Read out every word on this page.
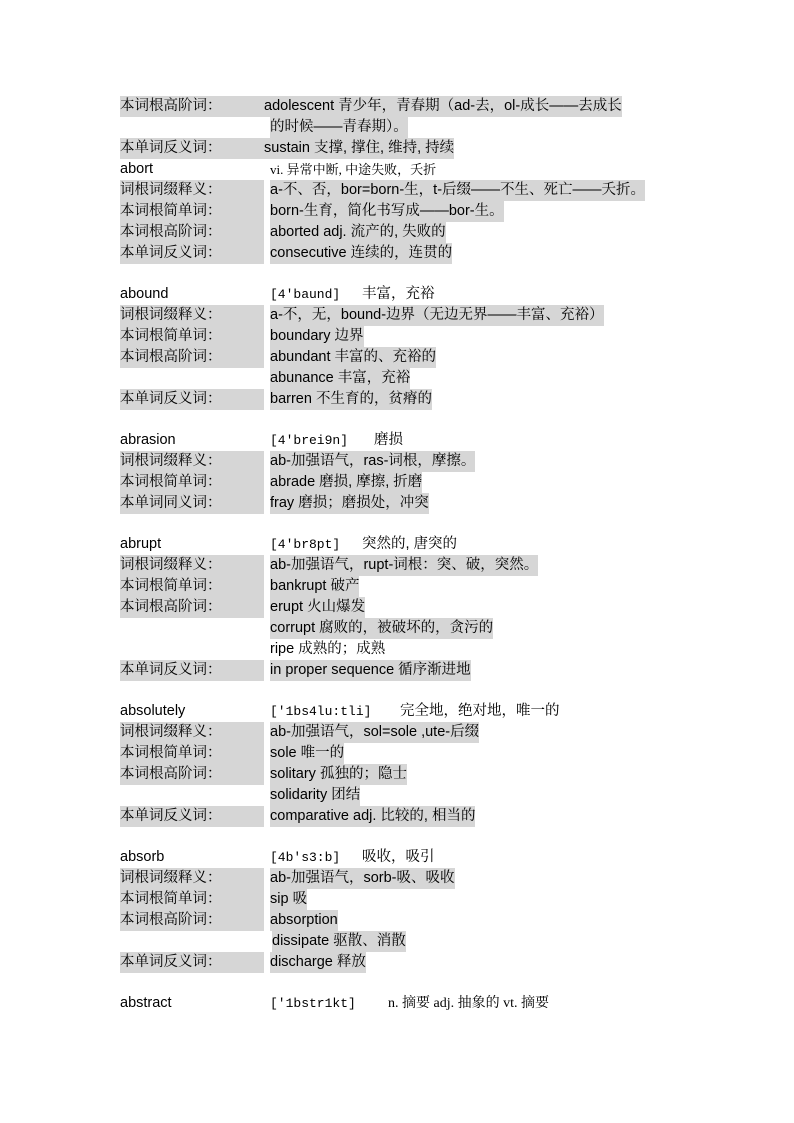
本词根高阶词：	adolescent 青少年，青春期（ad-去，ol-成长——去成长
的时候——青春期）。
本单词反义词：	sustain 支撑, 撑住, 维持, 持续
abort	vi. 异常中断, 中途失败，夭折
词根词缀释义：	a-不、否，bor=born-生，t-后缀——不生、死亡——夭折。
本词根简单词：	born-生育，简化书写成——bor-生。
本词根高阶词：	aborted adj. 流产的, 失败的
本单词反义词：	consecutive 连续的，连贯的
abound	[4'baund] 丰富，充裕
词根词缀释义：	a-不，无，bound-边界（无边无界——丰富、充裕）
本词根简单词：	boundary 边界
本词根高阶词：	abundant 丰富的、充裕的
abunance 丰富，充裕
本单词反义词：	barren 不生育的，贫瘠的
abrasion	[4'brei9n] 磨损
词根词缀释义：	ab-加强语气，ras-词根，摩擦。
本词根简单词：	abrade 磨损, 摩擦, 折磨
本单词同义词：	fray 磨损；磨损处，冲突
abrupt	[4'br8pt] 突然的, 唐突的
词根词缀释义：	ab-加强语气，rupt-词根：突、破，突然。
本词根简单词：	bankrupt 破产
本词根高阶词：	erupt 火山爆发
corrupt 腐败的，被破坏的，贪污的
ripe 成熟的；成熟
本单词反义词：	in proper sequence 循序渐进地
absolutely	['1bs4lu:tli] 完全地，绝对地，唯一的
词根词缀释义：	ab-加强语气，sol=sole ,ute-后缀
本词根简单词：	sole 唯一的
本词根高阶词：	solitary 孤独的；隐士
solidarity 团结
本单词反义词：	comparative adj. 比较的, 相当的
absorb	[4b's3:b] 吸收，吸引
词根词缀释义：	ab-加强语气，sorb-吸、吸收
本词根简单词：	sip 吸
本词根高阶词：	absorption
dissipate 驱散、消散
本单词反义词：	discharge 释放
abstract	['1bstr1kt] n. 摘要 adj. 抽象的 vt. 摘要
